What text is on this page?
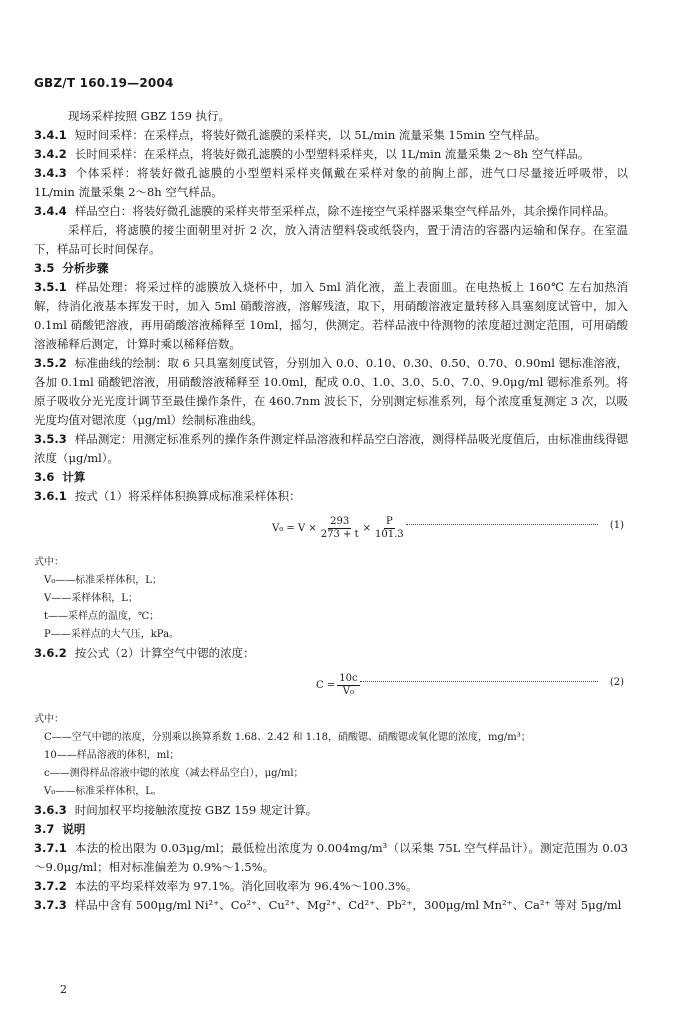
GBZ/T 160.19—2004

现场采样按照 GBZ 159 执行。

3.4.1 短时间采样：在采样点，将装好微孔滤膜的采样夹，以 5L/min 流量采集 15min 空气样品。

3.4.2 长时间采样：在采样点，将装好微孔滤膜的小型塑料采样夹，以 1L/min 流量采集 2～8h 空气样品。

3.4.3 个体采样：将装好微孔滤膜的小型塑料采样夹佩戴在采样对象的前胸上部，进气口尽量接近呼吸带，以 1L/min 流量采集 2～8h 空气样品。

3.4.4 样品空白：将装好微孔滤膜的采样夹带至采样点，除不连接空气采样器采集空气样品外，其余操作同样品。

采样后，将滤膜的接尘面朝里对折 2 次，放入清洁塑料袋或纸袋内，置于清洁的容器内运输和保存。在室温下，样品可长时间保存。

3.5 分析步骤

3.5.1 样品处理：将采过样的滤膜放入烧杯中，加入 5ml 消化液，盖上表面皿。在电热板上 160℃ 左右加热消解，待消化液基本挥发干时，加入 5ml 硝酸溶液，溶解残渣，取下，用硝酸溶液定量转移入具塞刻度试管中，加入 0.1ml 硝酸钯溶液，再用硝酸溶液稀释至 10ml，摇匀，供测定。若样品液中待测物的浓度超过测定范围，可用硝酸溶液稀释后测定，计算时乘以稀释倍数。

3.5.2 标准曲线的绘制：取 6 只具塞刻度试管，分别加入 0.0、0.10、0.30、0.50、0.70、0.90ml 锶标准溶液，各加 0.1ml 硝酸钯溶液，用硝酸溶液稀释至 10.0ml，配成 0.0、1.0、3.0、5.0、7.0、9.0μg/ml 锶标准系列。将原子吸收分光光度计调节至最佳操作条件，在 460.7nm 波长下，分别测定标准系列，每个浓度重复测定 3 次，以吸光度均值对锶浓度（μg/ml）绘制标准曲线。

3.5.3 样品测定：用测定标准系列的操作条件测定样品溶液和样品空白溶液，测得样品吸光度值后，由标准曲线得锶浓度（μg/ml）。

3.6 计算

3.6.1 按式（1）将采样体积换算成标准采样体积：

$V_0 = V \times \frac{293}{273 + t} \times \frac{P}{101.3}$	(1)

式中：

V₀——标准采样体积，L；

V——采样体积，L；

t——采样点的温度，℃；

P——采样点的大气压，kPa。

3.6.2 按公式（2）计算空气中锶的浓度：

$C = \frac{10c}{\text{V₀}}$	(2)

式中：

C——空气中锶的浓度，分别乘以换算系数 1.68、2.42 和 1.18，硝酸锶、硝酸锶或氧化锶的浓度，mg/m³；

10——样品溶液的体积，ml；

c——测得样品溶液中锶的浓度（减去样品空白），μg/ml；

V₀——标准采样体积，L。

3.6.3 时间加权平均接触浓度按 GBZ 159 规定计算。

3.7 说明

3.7.1 本法的检出限为 0.03μg/ml；最低检出浓度为 0.004mg/m³（以采集 75L 空气样品计）。测定范围为 0.03～9.0μg/ml；相对标准偏差为 0.9%～1.5%。

3.7.2 本法的平均采样效率为 97.1%。消化回收率为 96.4%～100.3%。

3.7.3 样品中含有 500μg/ml Ni²⁺、Co²⁺、Cu²⁺、Mg²⁺、Cd²⁺、Pb²⁺，300μg/ml Mn²⁺、Ca²⁺ 等对 5μg/ml

2
